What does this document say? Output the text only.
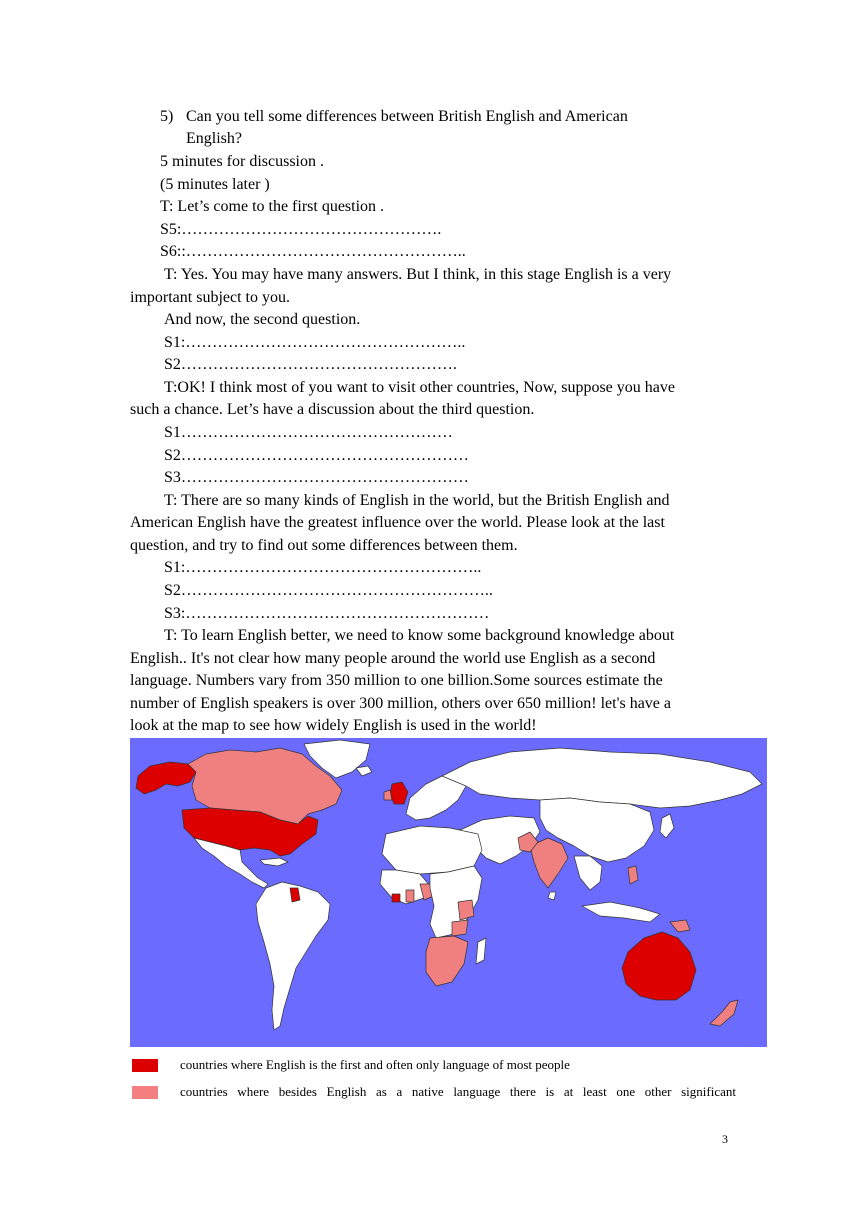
5) Can you tell some differences between British English and American
English?
5 minutes for discussion .
(5 minutes later )
T: Let’s come to the first question .
S5:………………………………………….
S6::……………………………………………..
T: Yes. You may have many answers. But I think, in this stage English is a very
important subject to you.
And now, the second question.
S1:……………………………………………..
S2…………………………………………….
T:OK! I think most of you want to visit other countries, Now, suppose you have
such a chance. Let’s have a discussion about the third question.
S1……………………………………………
S2………………………………………………
S3………………………………………………
T: There are so many kinds of English in the world, but the British English and
American English have the greatest influence over the world. Please look at the last
question, and try to find out some differences between them.
S1:………………………………………………..
S2…………………………………………………..
S3:…………………………………………………
T: To learn English better, we need to know some background knowledge about
English.. It's not clear how many people around the world use English as a second
language. Numbers vary from 350 million to one billion.Some sources estimate the
number of English speakers is over 300 million, others over 650 million! let's have a
look at the map to see how widely English is used in the world!
countries where English is the first and often only language of most people
countries where besides English as a native language there is at least one other significant
3
